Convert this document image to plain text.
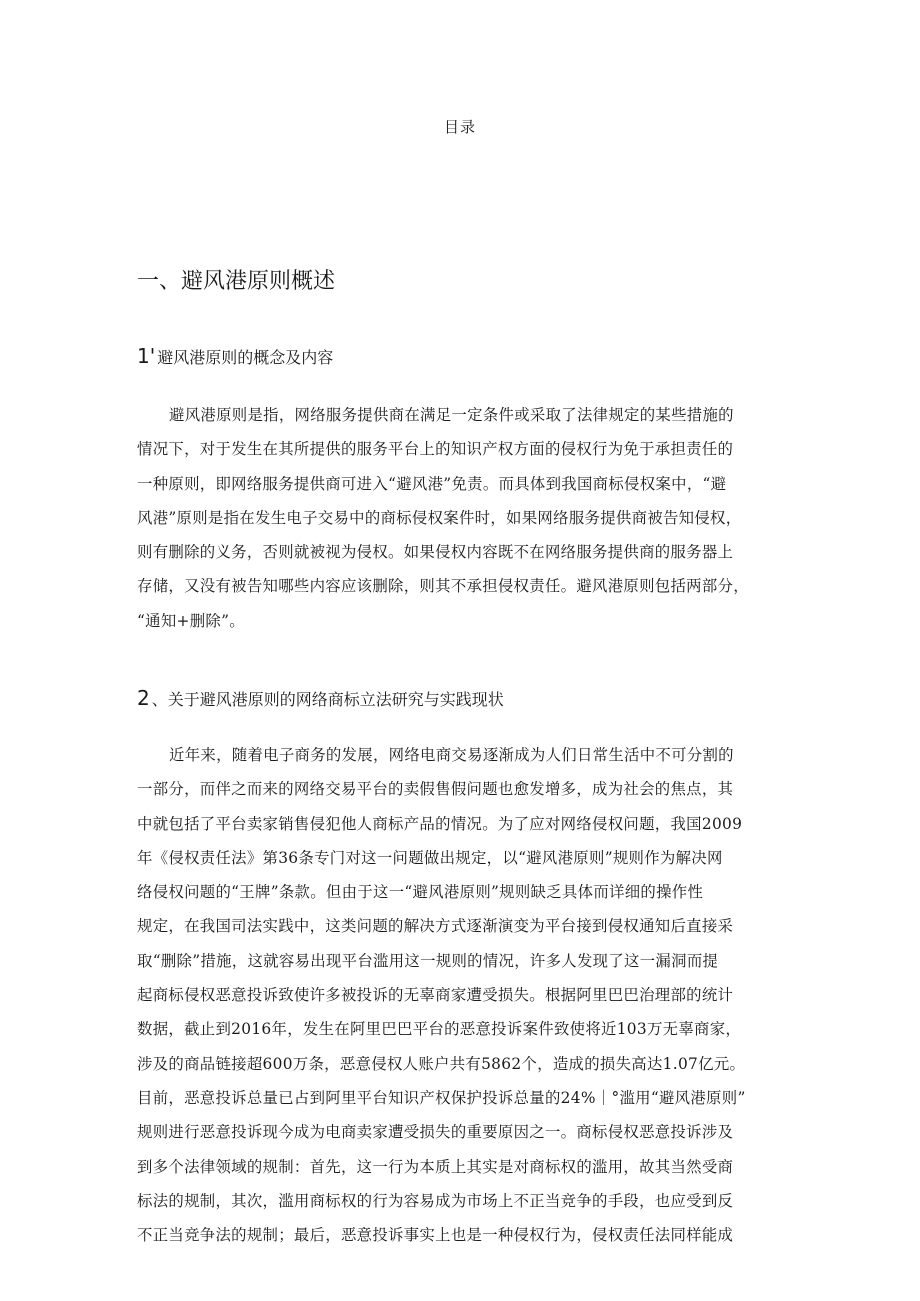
目录
一、避风港原则概述
1' 避风港原则的概念及内容
避风港原则是指，网络服务提供商在满足一定条件或采取了法律规定的某些措施的
情况下，对于发生在其所提供的服务平台上的知识产权方面的侵权行为免于承担责任的
一种原则，即网络服务提供商可进入“避风港”免责。而具体到我国商标侵权案中，“避
风港”原则是指在发生电子交易中的商标侵权案件时，如果网络服务提供商被告知侵权，
则有删除的义务，否则就被视为侵权。如果侵权内容既不在网络服务提供商的服务器上
存储，又没有被告知哪些内容应该删除，则其不承担侵权责任。避风港原则包括两部分，
“通知+删除”。
2 、关于避风港原则的网络商标立法研究与实践现状
近年来，随着电子商务的发展，网络电商交易逐渐成为人们日常生活中不可分割的
一部分，而伴之而来的网络交易平台的卖假售假问题也愈发增多，成为社会的焦点，其
中就包括了平台卖家销售侵犯他人商标产品的情况。为了应对网络侵权问题，我国2009
年《侵权责任法》第36条专门对这一问题做出规定，以“避风港原则”规则作为解决网
络侵权问题的“王牌”条款。但由于这一“避风港原则”规则缺乏具体而详细的操作性
规定，在我国司法实践中，这类问题的解决方式逐渐演变为平台接到侵权通知后直接采
取“删除”措施，这就容易出现平台滥用这一规则的情况，许多人发现了这一漏洞而提
起商标侵权恶意投诉致使许多被投诉的无辜商家遭受损失。根据阿里巴巴治理部的统计
数据，截止到2016年，发生在阿里巴巴平台的恶意投诉案件致使将近103万无辜商家，
涉及的商品链接超600万条，恶意侵权人账户共有5862个，造成的损失高达1.07亿元。
目前，恶意投诉总量已占到阿里平台知识产权保护投诉总量的24%｜°滥用“避风港原则”
规则进行恶意投诉现今成为电商卖家遭受损失的重要原因之一。商标侵权恶意投诉涉及
到多个法律领域的规制：首先，这一行为本质上其实是对商标权的滥用，故其当然受商
标法的规制，其次，滥用商标权的行为容易成为市场上不正当竞争的手段，也应受到反
不正当竞争法的规制；最后，恶意投诉事实上也是一种侵权行为，侵权责任法同样能成
